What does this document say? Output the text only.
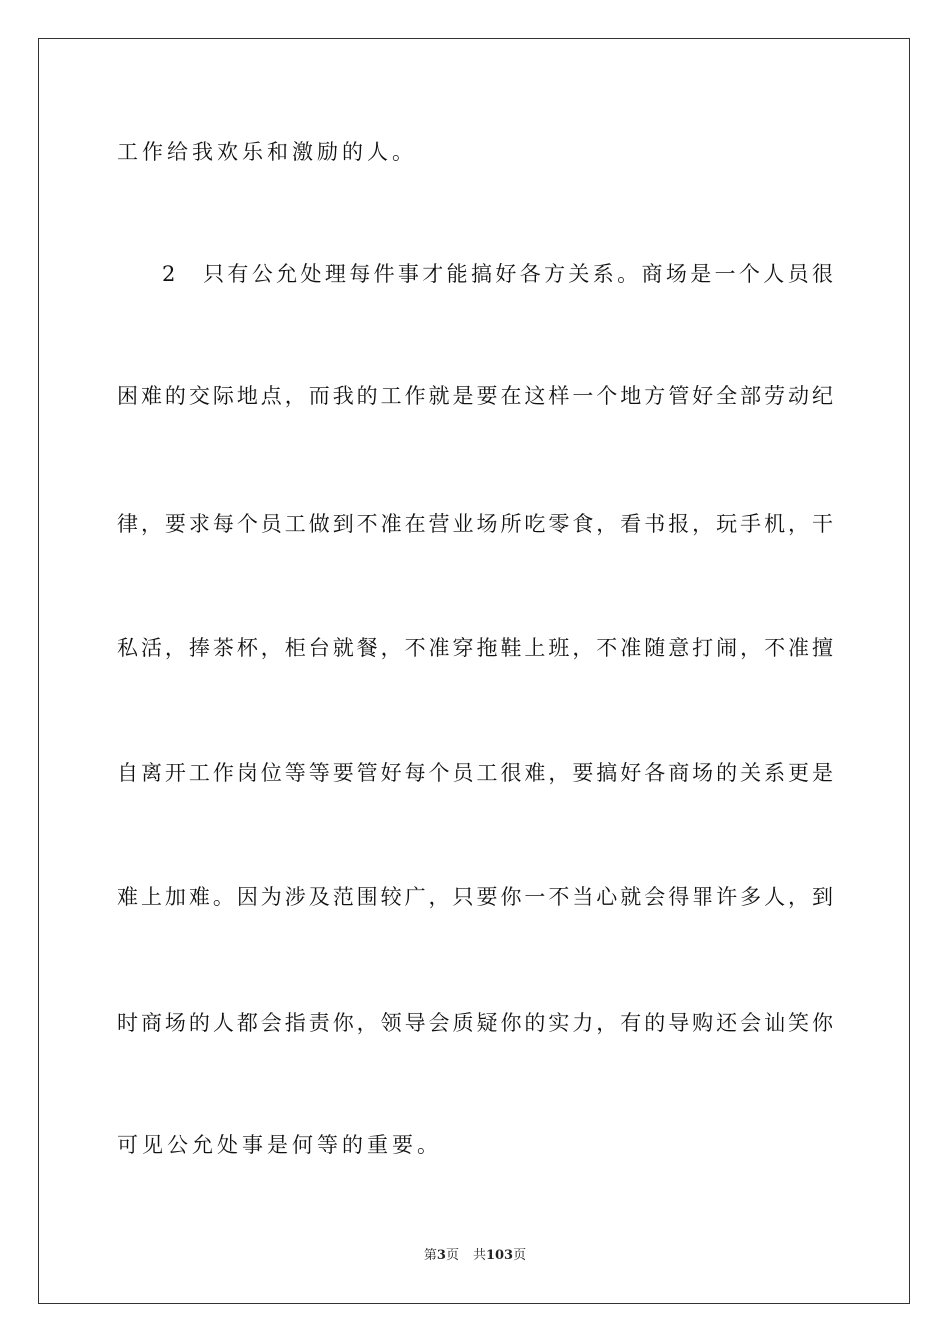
工作给我欢乐和激励的人。
2　只有公允处理每件事才能搞好各方关系。商场是一个人员很
困难的交际地点，而我的工作就是要在这样一个地方管好全部劳动纪
律，要求每个员工做到不准在营业场所吃零食，看书报，玩手机，干
私活，捧茶杯，柜台就餐，不准穿拖鞋上班，不准随意打闹，不准擅
自离开工作岗位等等要管好每个员工很难，要搞好各商场的关系更是
难上加难。因为涉及范围较广，只要你一不当心就会得罪许多人，到
时商场的人都会指责你，领导会质疑你的实力，有的导购还会讪笑你
可见公允处事是何等的重要。
第3页 共103页
